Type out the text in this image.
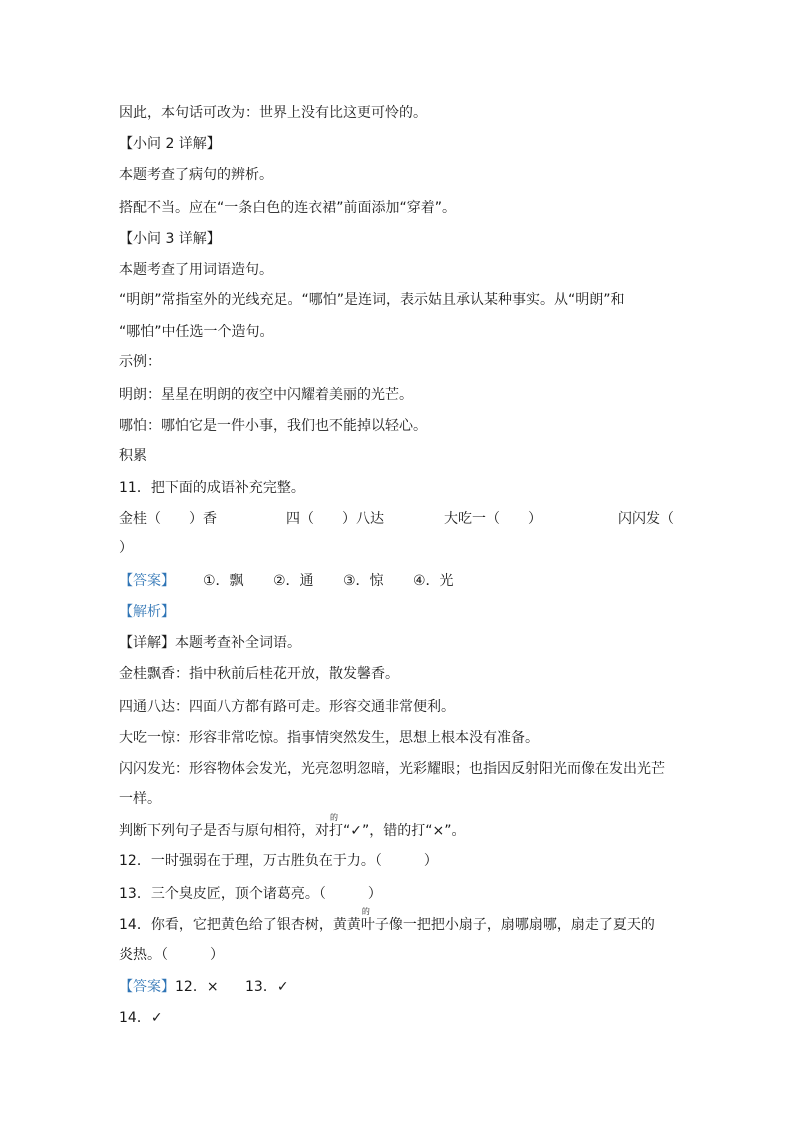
因此，本句话可改为：世界上没有比这更可怜的。
【小问 2 详解】
本题考查了病句的辨析。
搭配不当。应在“一条白色的连衣裙”前面添加“穿着”。
【小问 3 详解】
本题考查了用词语造句。
“明朗”常指室外的光线充足。“哪怕”是连词，表示姑且承认某种事实。从“明朗”和
“哪怕”中任选一个造句。
示例：
明朗：星星在明朗的夜空中闪耀着美丽的光芒。
哪怕：哪怕它是一件小事，我们也不能掉以轻心。
积累
11．把下面的成语补充完整。
金桂（　　）香	四（　　）八达	大吃一（　　）	闪闪发（
）
【答案】 ①．飘 ②．通 ③．惊 ④．光
【解析】
【详解】本题考查补全词语。
金桂飘香：指中秋前后桂花开放，散发馨香。
四通八达：四面八方都有路可走。形容交通非常便利。
大吃一惊：形容非常吃惊。指事情突然发生，思想上根本没有准备。
闪闪发光：形容物体会发光，光亮忽明忽暗，光彩耀眼；也指因反射阳光而像在发出光芒
一样。
判断下列句子是否与原句相符，对
的
打“✓”，错的打“×”。
12．一时强弱在于理，万古胜负在于力。（　　　）
13．三个臭皮匠，顶个诸葛亮。（　　　）
14．你看，它把黄色给了银杏树，黄黄
的
叶子像一把把小扇子，扇哪扇哪，扇走了夏天的
炎热。（　　　）
【答案】 12．× 13．✓
14．✓
